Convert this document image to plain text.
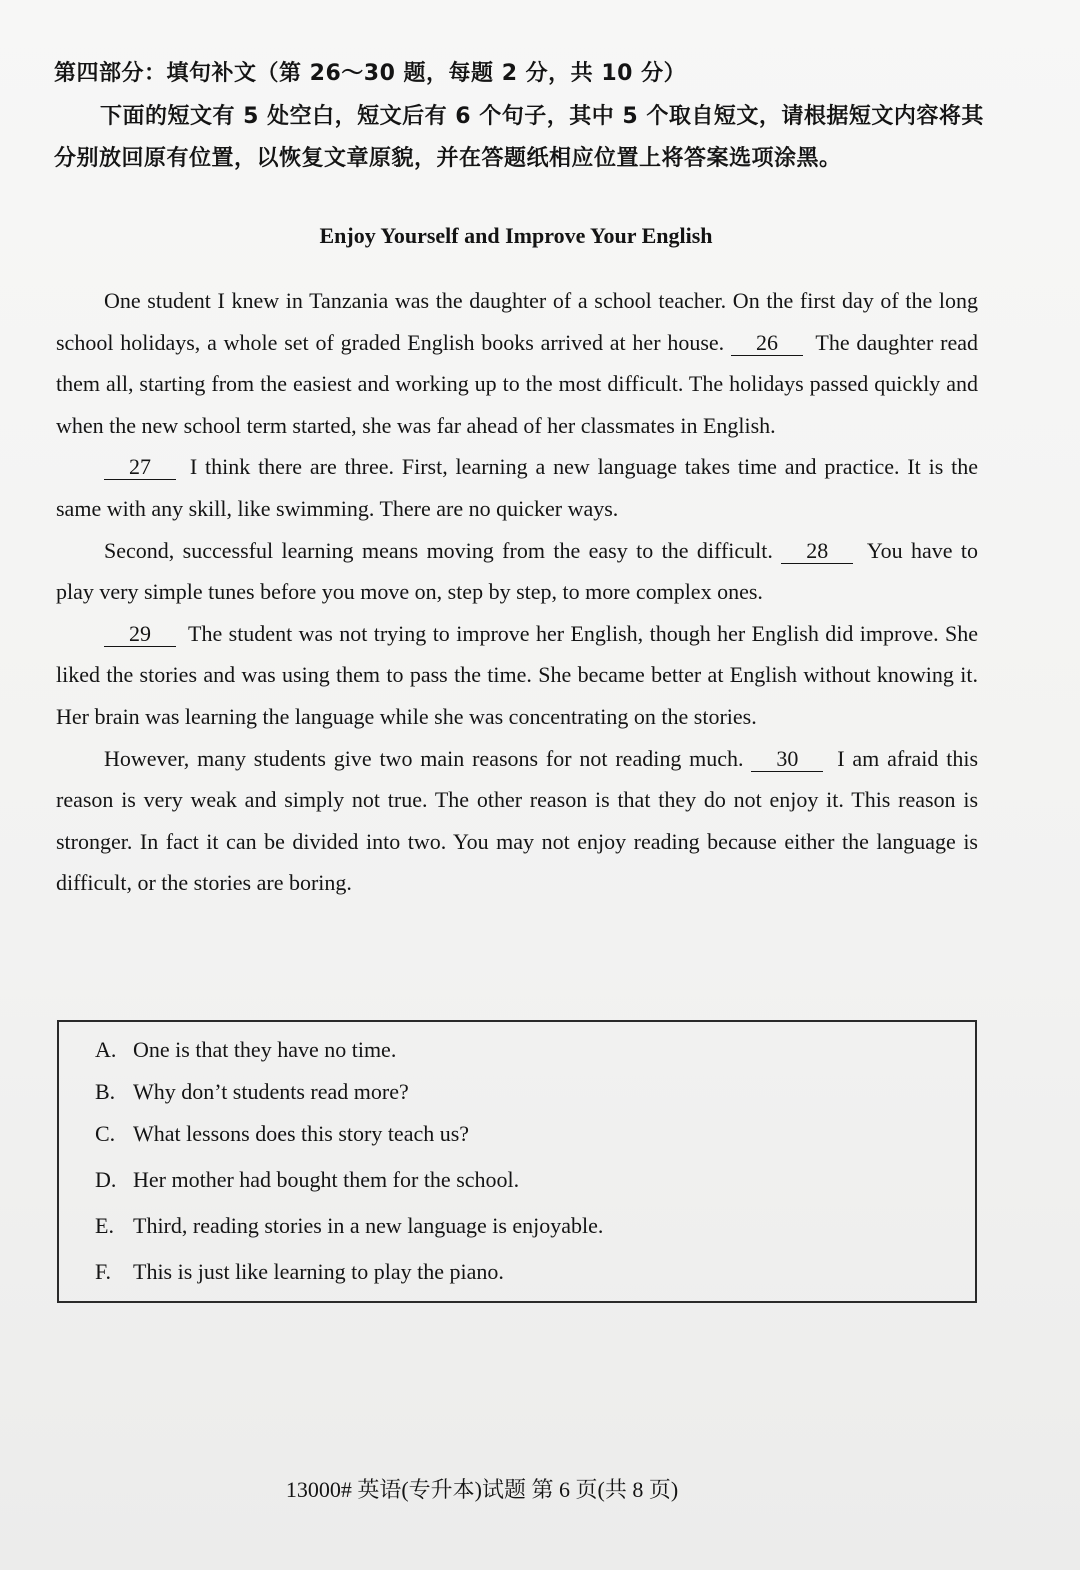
第四部分：填句补文（第 26～30 题，每题 2 分，共 10 分）
下面的短文有 5 处空白，短文后有 6 个句子，其中 5 个取自短文，请根据短文内容将其分别放回原有位置，以恢复文章原貌，并在答题纸相应位置上将答案选项涂黑。
Enjoy Yourself and Improve Your English

One student I knew in Tanzania was the daughter of a school teacher. On the first day of the long school holidays, a whole set of graded English books arrived at her house. 26 The daughter read them all, starting from the easiest and working up to the most difficult. The holidays passed quickly and when the new school term started, she was far ahead of her classmates in English.

27 I think there are three. First, learning a new language takes time and practice. It is the same with any skill, like swimming. There are no quicker ways.

Second, successful learning means moving from the easy to the difficult. 28 You have to play very simple tunes before you move on, step by step, to more complex ones.

29 The student was not trying to improve her English, though her English did improve. She liked the stories and was using them to pass the time. She became better at English without knowing it. Her brain was learning the language while she was concentrating on the stories.

However, many students give two main reasons for not reading much. 30 I am afraid this reason is very weak and simply not true. The other reason is that they do not enjoy it. This reason is stronger. In fact it can be divided into two. You may not enjoy reading because either the language is difficult, or the stories are boring.

A. One is that they have no time.
B. Why don’t students read more?
C. What lessons does this story teach us?
D. Her mother had bought them for the school.
E. Third, reading stories in a new language is enjoyable.
F. This is just like learning to play the piano.
13000# 英语(专升本)试题 第 6 页(共 8 页)
